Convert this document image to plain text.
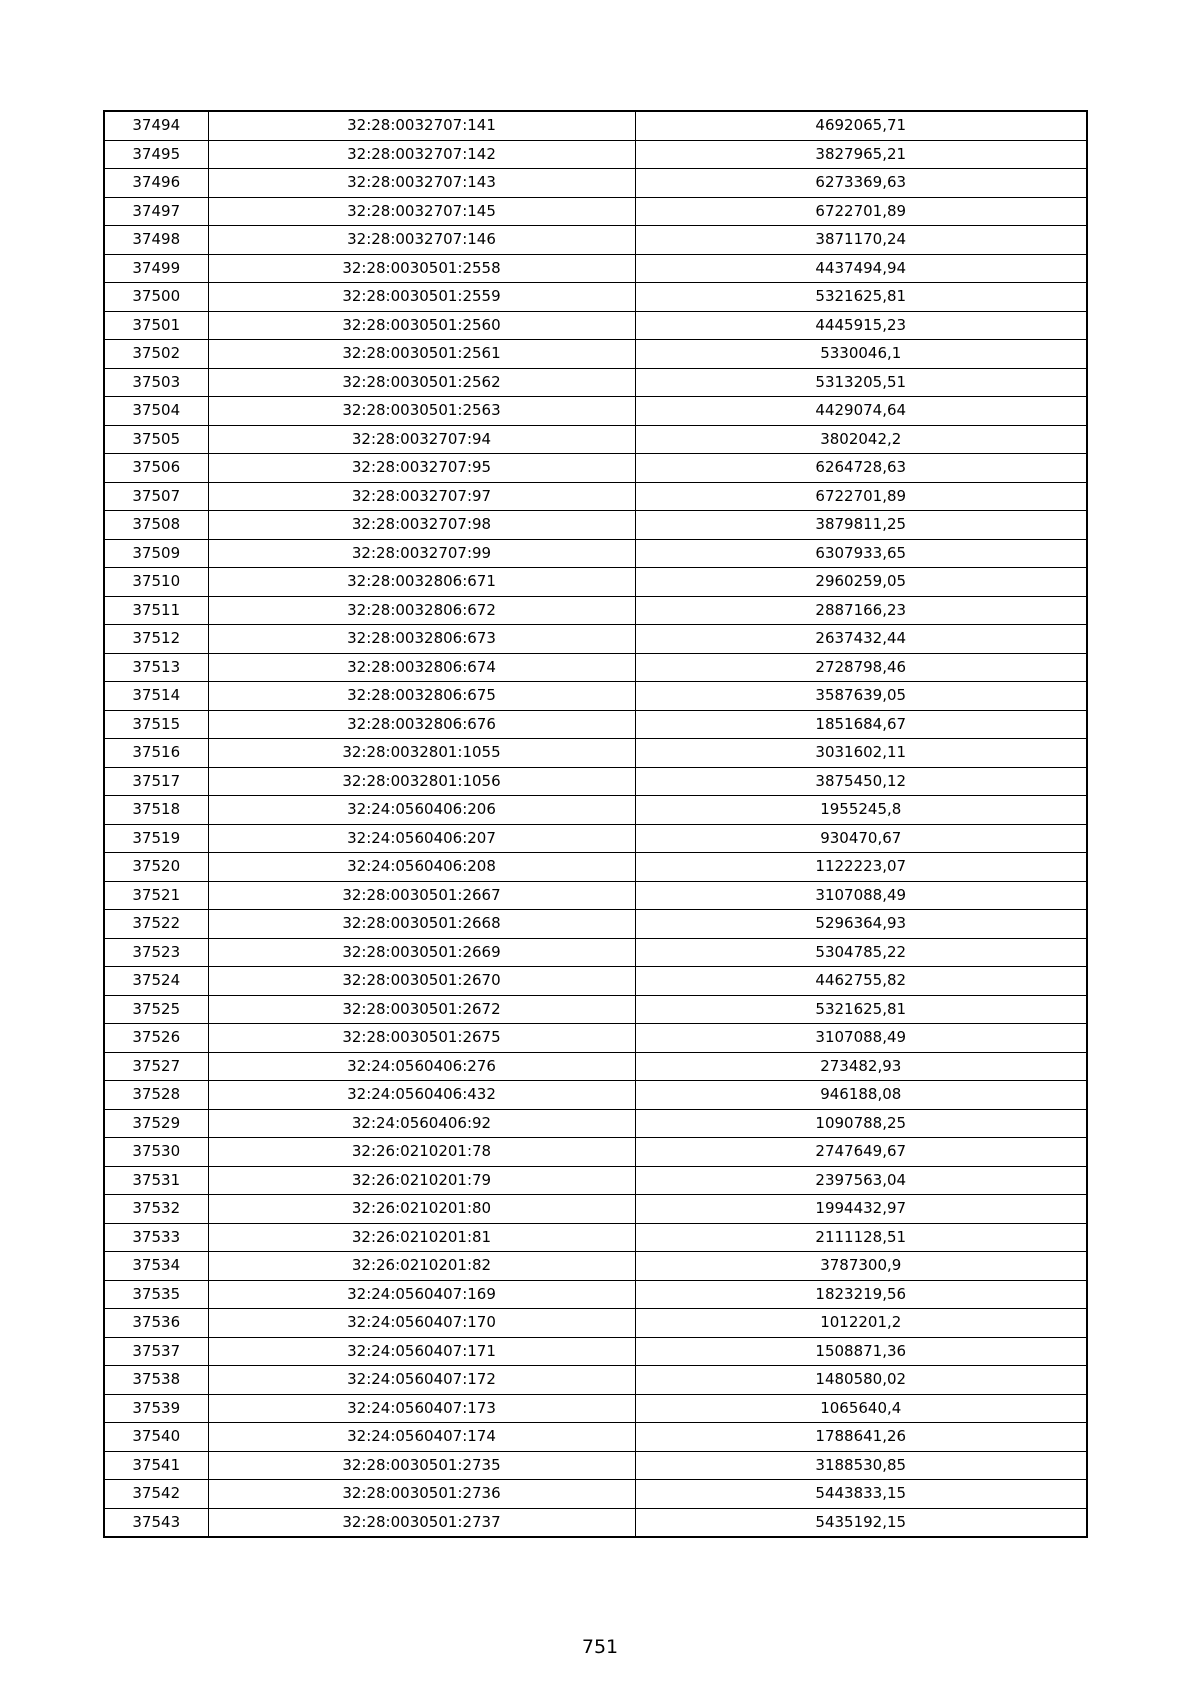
37494	32:28:0032707:141	4692065,71
37495	32:28:0032707:142	3827965,21
37496	32:28:0032707:143	6273369,63
37497	32:28:0032707:145	6722701,89
37498	32:28:0032707:146	3871170,24
37499	32:28:0030501:2558	4437494,94
37500	32:28:0030501:2559	5321625,81
37501	32:28:0030501:2560	4445915,23
37502	32:28:0030501:2561	5330046,1
37503	32:28:0030501:2562	5313205,51
37504	32:28:0030501:2563	4429074,64
37505	32:28:0032707:94	3802042,2
37506	32:28:0032707:95	6264728,63
37507	32:28:0032707:97	6722701,89
37508	32:28:0032707:98	3879811,25
37509	32:28:0032707:99	6307933,65
37510	32:28:0032806:671	2960259,05
37511	32:28:0032806:672	2887166,23
37512	32:28:0032806:673	2637432,44
37513	32:28:0032806:674	2728798,46
37514	32:28:0032806:675	3587639,05
37515	32:28:0032806:676	1851684,67
37516	32:28:0032801:1055	3031602,11
37517	32:28:0032801:1056	3875450,12
37518	32:24:0560406:206	1955245,8
37519	32:24:0560406:207	930470,67
37520	32:24:0560406:208	1122223,07
37521	32:28:0030501:2667	3107088,49
37522	32:28:0030501:2668	5296364,93
37523	32:28:0030501:2669	5304785,22
37524	32:28:0030501:2670	4462755,82
37525	32:28:0030501:2672	5321625,81
37526	32:28:0030501:2675	3107088,49
37527	32:24:0560406:276	273482,93
37528	32:24:0560406:432	946188,08
37529	32:24:0560406:92	1090788,25
37530	32:26:0210201:78	2747649,67
37531	32:26:0210201:79	2397563,04
37532	32:26:0210201:80	1994432,97
37533	32:26:0210201:81	2111128,51
37534	32:26:0210201:82	3787300,9
37535	32:24:0560407:169	1823219,56
37536	32:24:0560407:170	1012201,2
37537	32:24:0560407:171	1508871,36
37538	32:24:0560407:172	1480580,02
37539	32:24:0560407:173	1065640,4
37540	32:24:0560407:174	1788641,26
37541	32:28:0030501:2735	3188530,85
37542	32:28:0030501:2736	5443833,15
37543	32:28:0030501:2737	5435192,15
751
